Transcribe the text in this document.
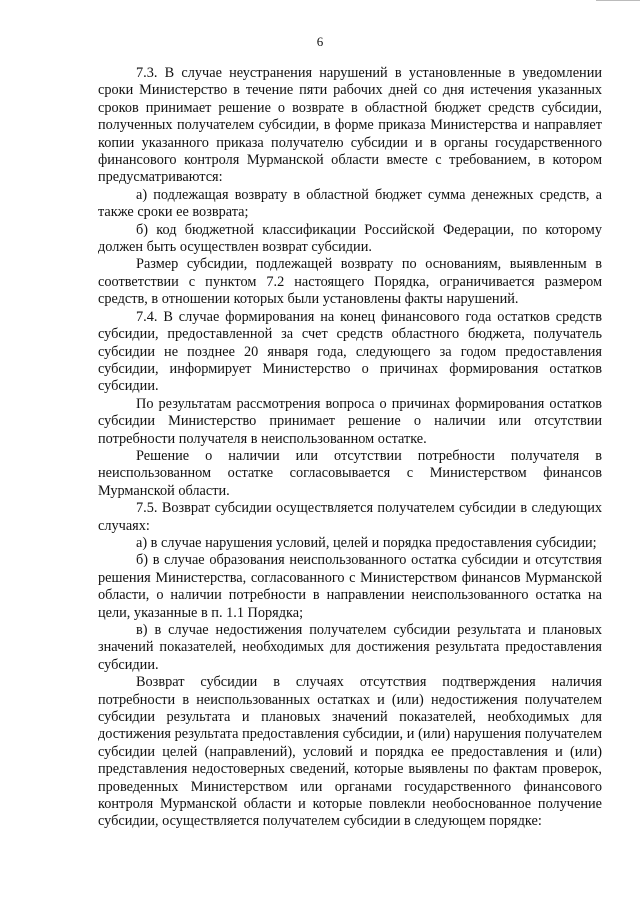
6

7.3. В случае неустранения нарушений в установленные в уведомлении сроки Министерство в течение пяти рабочих дней со дня истечения указанных сроков принимает решение о возврате в областной бюджет средств субсидии, полученных получателем субсидии, в форме приказа Министерства и направляет копии указанного приказа получателю субсидии и в органы государственного финансового контроля Мурманской области вместе с требованием, в котором предусматриваются:

а) подлежащая возврату в областной бюджет сумма денежных средств, а также сроки ее возврата;

б) код бюджетной классификации Российской Федерации, по которому должен быть осуществлен возврат субсидии.

Размер субсидии, подлежащей возврату по основаниям, выявленным в соответствии с пунктом 7.2 настоящего Порядка, ограничивается размером средств, в отношении которых были установлены факты нарушений.

7.4. В случае формирования на конец финансового года остатков средств субсидии, предоставленной за счет средств областного бюджета, получатель субсидии не позднее 20 января года, следующего за годом предоставления субсидии, информирует Министерство о причинах формирования остатков субсидии.

По результатам рассмотрения вопроса о причинах формирования остатков субсидии Министерство принимает решение о наличии или отсутствии потребности получателя в неиспользованном остатке.

Решение о наличии или отсутствии потребности получателя в неиспользованном остатке согласовывается с Министерством финансов Мурманской области.

7.5. Возврат субсидии осуществляется получателем субсидии в следующих случаях:

а) в случае нарушения условий, целей и порядка предоставления субсидии;

б) в случае образования неиспользованного остатка субсидии и отсутствия решения Министерства, согласованного с Министерством финансов Мурманской области, о наличии потребности в направлении неиспользованного остатка на цели, указанные в п. 1.1 Порядка;

в) в случае недостижения получателем субсидии результата и плановых значений показателей, необходимых для достижения результата предоставления субсидии.

Возврат субсидии в случаях отсутствия подтверждения наличия потребности в неиспользованных остатках и (или) недостижения получателем субсидии результата и плановых значений показателей, необходимых для достижения результата предоставления субсидии, и (или) нарушения получателем субсидии целей (направлений), условий и порядка ее предоставления и (или) представления недостоверных сведений, которые выявлены по фактам проверок, проведенных Министерством или органами государственного финансового контроля Мурманской области и которые повлекли необоснованное получение субсидии, осуществляется получателем субсидии в следующем порядке:
